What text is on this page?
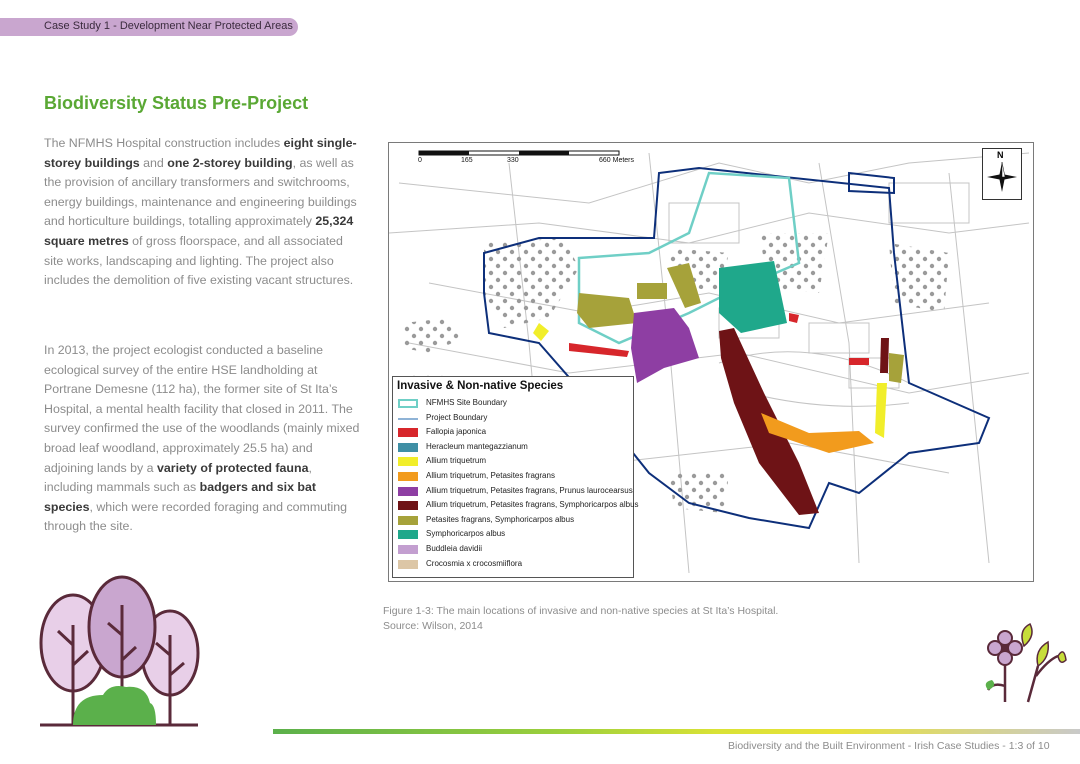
Case Study 1 - Development Near Protected Areas
Biodiversity Status Pre-Project
The NFMHS Hospital construction includes eight single-storey buildings and one 2-storey building, as well as the provision of ancillary transformers and switchrooms, energy buildings, maintenance and engineering buildings and horticulture buildings, totalling approximately 25,324 square metres of gross floorspace, and all associated site works, landscaping and lighting. The project also includes the demolition of five existing vacant structures.
In 2013, the project ecologist conducted a baseline ecological survey of the entire HSE landholding at Portrane Demesne (112 ha), the former site of St Ita’s Hospital, a mental health facility that closed in 2011. The survey confirmed the use of the woodlands (mainly mixed broad leaf woodland, approximately 25.5 ha) and adjoining lands by a variety of protected fauna, including mammals such as badgers and six bat species, which were recorded foraging and commuting through the site.
0	165	330	660 Meters
N
Invasive & Non-native Species
NFMHS Site Boundary
Project Boundary
Fallopia japonica
Heracleum mantegazzianum
Allium triquetrum
Allium triquetrum, Petasites fragrans
Allium triquetrum, Petasites fragrans, Prunus laurocearsus
Allium triquetrum, Petasites fragrans, Symphoricarpos albus
Petasites fragrans, Symphoricarpos albus
Symphoricarpos albus
Buddleia davidii
Crocosmia x crocosmiiflora
Figure 1-3: The main locations of invasive and non-native species at St Ita’s Hospital.
Source: Wilson, 2014
Biodiversity and the Built Environment - Irish Case Studies - 1:3 of 10
